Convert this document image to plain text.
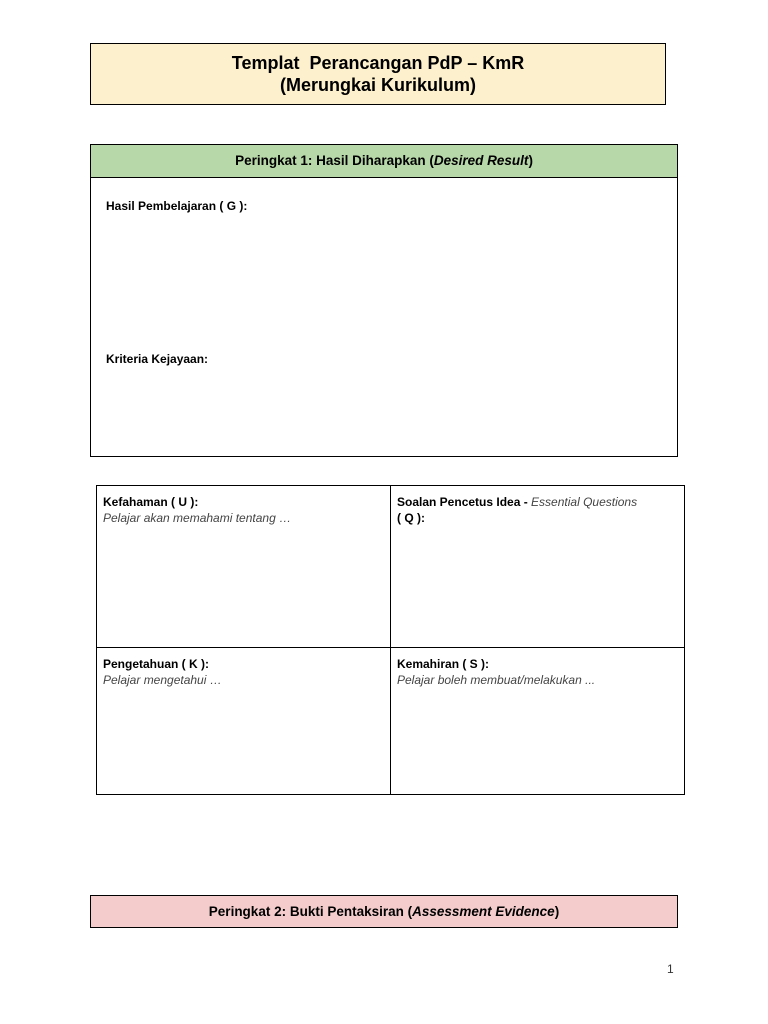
Templat  Perancangan PdP – KmR
(Merungkai Kurikulum)
Peringkat 1: Hasil Diharapkan (Desired Result)
Hasil Pembelajaran ( G ):
Kriteria Kejayaan:
Kefahaman ( U ):
Pelajar akan memahami tentang …
Soalan Pencetus Idea - Essential Questions
( Q ):
Pengetahuan ( K ):
Pelajar mengetahui …
Kemahiran ( S ):
Pelajar boleh membuat/melakukan ...
Peringkat 2: Bukti Pentaksiran (Assessment Evidence)
1
